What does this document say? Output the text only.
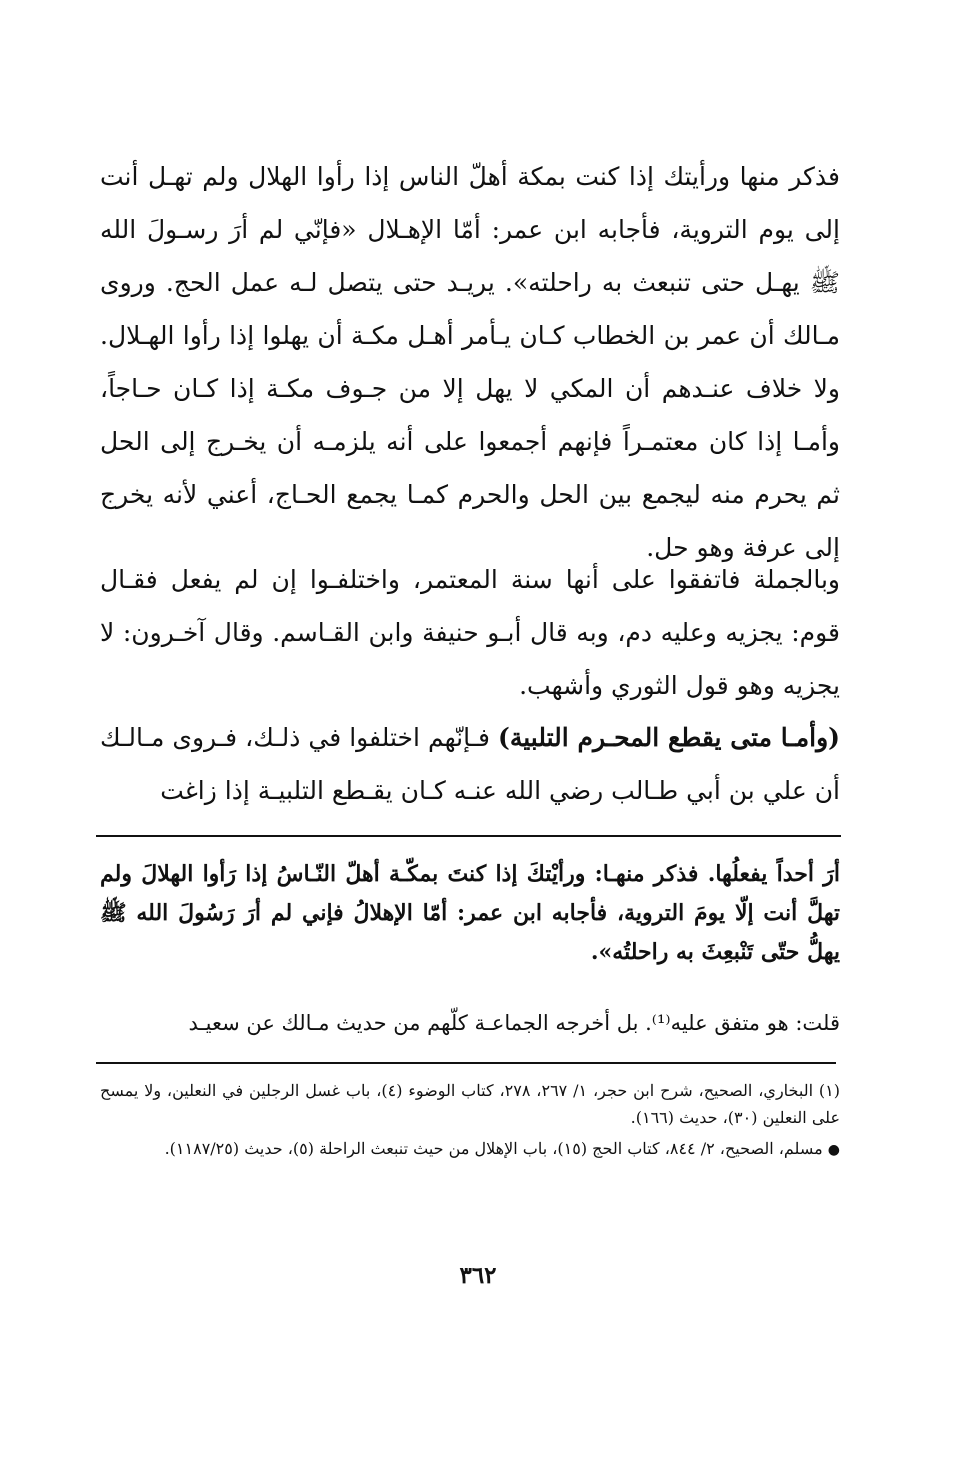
فذكر منها ورأيتك إذا كنت بمكة أهلّ الناس إذا رأوا الهلال ولم تهـل أنت إلى يوم التروية، فأجابه ابن عمر: أمّا الإهـلال «فإنّي لم أرَ رسـولَ الله ﷺ يهـل حتى تنبعث به راحلته». يريـد حتى يتصل لـه عمل الحج. وروى مـالك أن عمر بن الخطاب كـان يـأمر أهـل مكـة أن يهلوا إذا رأوا الهـلال. ولا خلاف عنـدهم أن المكي لا يهل إلا من جـوف مكـة إذا كـان حـاجاً، وأمـا إذا كان معتمـراً فإنهم أجمعوا على أنه يلزمـه أن يخـرج إلى الحل ثم يحرم منه ليجمع بين الحل والحرم كمـا يجمع الحـاج، أعني لأنه يخرج إلى عرفة وهو حل.

وبالجملة فاتفقوا على أنها سنة المعتمر، واختلفـوا إن لم يفعل فقـال قوم: يجزيه وعليه دم، وبه قال أبـو حنيفة وابن القـاسم. وقال آخـرون: لا يجزيه وهو قول الثوري وأشهب.

(وأمـا متى يقطع المحـرم التلبية) فـإنّهم اختلفوا في ذلـك، فـروى مـالـك أن علي بن أبي طـالب رضي الله عنـه كـان يقـطع التلبيـة إذا زاغت

أرَ أحداً يفعلُها. فذكر منهـا: ورأيْتكَ إذا كنتَ بمكّـة أهلّ النّـاسُ إذا رَأوا الهلالَ ولم تهلَّ أنت إلّا يومَ التروية، فأجابه ابن عمر: أمّا الإهلالُ فإني لم أرَ رَسُولَ الله ﷺ يهلُّ حتّى تَنْبعِثَ به راحلتُه».

قلت: هو متفق عليه⁽¹⁾. بل أخرجه الجماعـة كلّهم من حديث مـالك عن سعيـد

(١) البخاري، الصحيح، شرح ابن حجر، ١/ ٢٦٧، ٢٧٨، كتاب الوضوء (٤)، باب غسل الرجلين في النعلين، ولا يمسح على النعلين (٣٠)، حديث (١٦٦).

● مسلم، الصحيح، ٢/ ٨٤٤، كتاب الحج (١٥)، باب الإهلال من حيث تنبعث الراحلة (٥)، حديث (١١٨٧/٢٥).

٣٦٢
